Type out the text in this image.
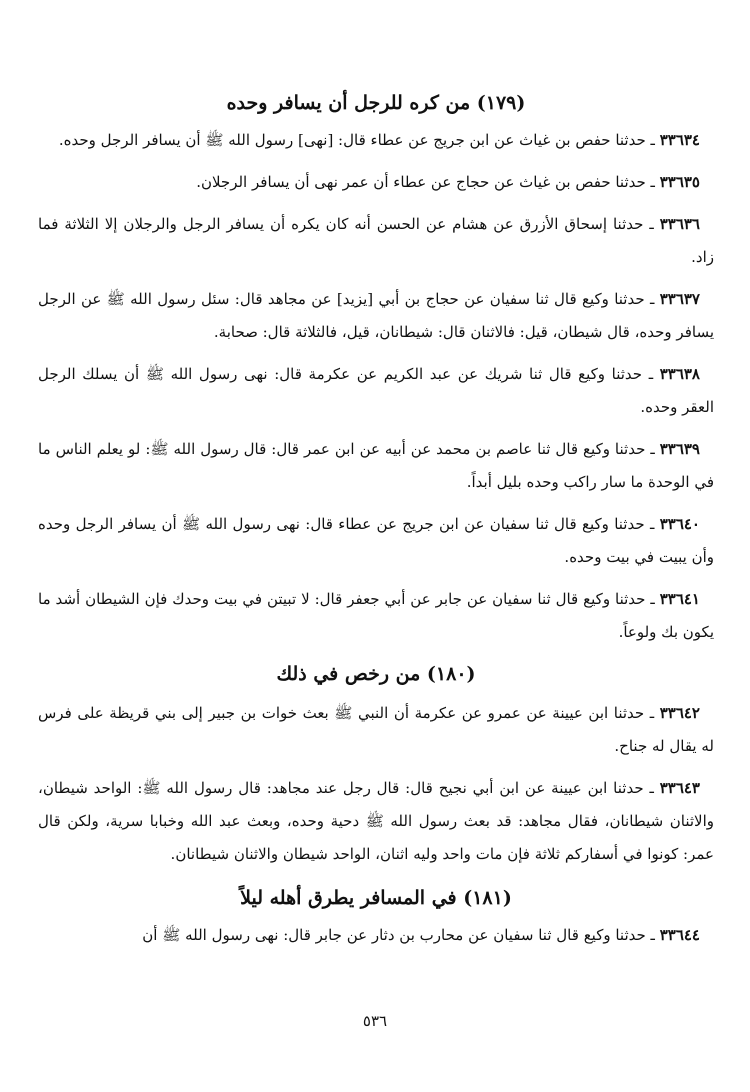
(١٧٩) من كره للرجل أن يسافر وحده

٣٣٦٣٤ ـ حدثنا حفص بن غياث عن ابن جريج عن عطاء قال: [نهى] رسول الله ﷺ أن يسافر الرجل وحده.

٣٣٦٣٥ ـ حدثنا حفص بن غياث عن حجاج عن عطاء أن عمر نهى أن يسافر الرجلان.

٣٣٦٣٦ ـ حدثنا إسحاق الأزرق عن هشام عن الحسن أنه كان يكره أن يسافر الرجل والرجلان إلا الثلاثة فما زاد.

٣٣٦٣٧ ـ حدثنا وكيع قال ثنا سفيان عن حجاج بن أبي [يزيد] عن مجاهد قال: سئل رسول الله ﷺ عن الرجل يسافر وحده، قال شيطان، قيل: فالاثنان قال: شيطانان، قيل، فالثلاثة قال: صحابة.

٣٣٦٣٨ ـ حدثنا وكيع قال ثنا شريك عن عبد الكريم عن عكرمة قال: نهى رسول الله ﷺ أن يسلك الرجل العقر وحده.

٣٣٦٣٩ ـ حدثنا وكيع قال ثنا عاصم بن محمد عن أبيه عن ابن عمر قال: قال رسول الله ﷺ: لو يعلم الناس ما في الوحدة ما سار راكب وحده بليل أبداً.

٣٣٦٤٠ ـ حدثنا وكيع قال ثنا سفيان عن ابن جريج عن عطاء قال: نهى رسول الله ﷺ أن يسافر الرجل وحده وأن يبيت في بيت وحده.

٣٣٦٤١ ـ حدثنا وكيع قال ثنا سفيان عن جابر عن أبي جعفر قال: لا تبيتن في بيت وحدك فإن الشيطان أشد ما يكون بك ولوعاً.

(١٨٠) من رخص في ذلك

٣٣٦٤٢ ـ حدثنا ابن عيينة عن عمرو عن عكرمة أن النبي ﷺ بعث خوات بن جبير إلى بني قريظة على فرس له يقال له جناح.

٣٣٦٤٣ ـ حدثنا ابن عيينة عن ابن أبي نجيح قال: قال رجل عند مجاهد: قال رسول الله ﷺ: الواحد شيطان، والاثنان شيطانان، فقال مجاهد: قد بعث رسول الله ﷺ دحية وحده، وبعث عبد الله وخبابا سرية، ولكن قال عمر: كونوا في أسفاركم ثلاثة فإن مات واحد وليه اثنان، الواحد شيطان والاثنان شيطانان.

(١٨١) في المسافر يطرق أهله ليلاً

٣٣٦٤٤ ـ حدثنا وكيع قال ثنا سفيان عن محارب بن دثار عن جابر قال: نهى رسول الله ﷺ أن

٥٣٦
